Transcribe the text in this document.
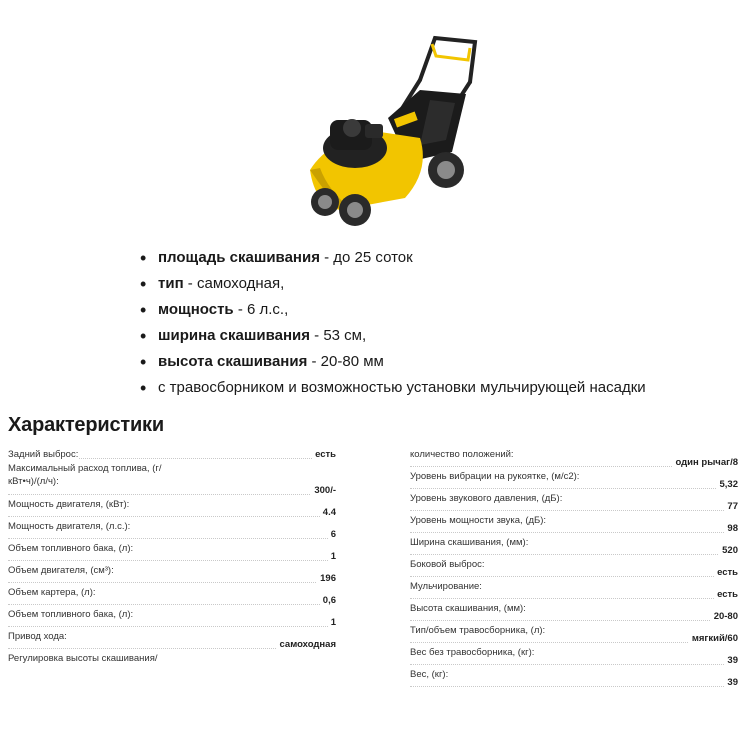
• площадь скашивания - до 25 соток
• тип - самоходная,
• мощность - 6 л.с.,
• ширина скашивания - 53 см,
• высота скашивания - 20-80 мм
• с травосборником и возможностью установки мульчирующей насадки
Характеристики
Задний выброс:	есть
Максимальный расход топлива, (г/кВт•ч)/(л/ч):
300/-
Мощность двигателя, (кВт):
4.4
Мощность двигателя, (л.с.):
6
Объем топливного бака, (л):
1
Объем двигателя, (см³):
196
Объем картера, (л):
0,6
Объем топливного бака, (л):
1
Привод хода:
самоходная
Регулировка высоты скашивания/
количество положений:
один рычаг/8
Уровень вибрации на рукоятке, (м/с2):
5,32
Уровень звукового давления, (дБ):
77
Уровень мощности звука, (дБ):
98
Ширина скашивания, (мм):
520
Боковой выброс:
есть
Мульчирование:
есть
Высота скашивания, (мм):
20-80
Тип/объем травосборника, (л):
мягкий/60
Вес без травосборника, (кг):
39
Вес, (кг):
39
